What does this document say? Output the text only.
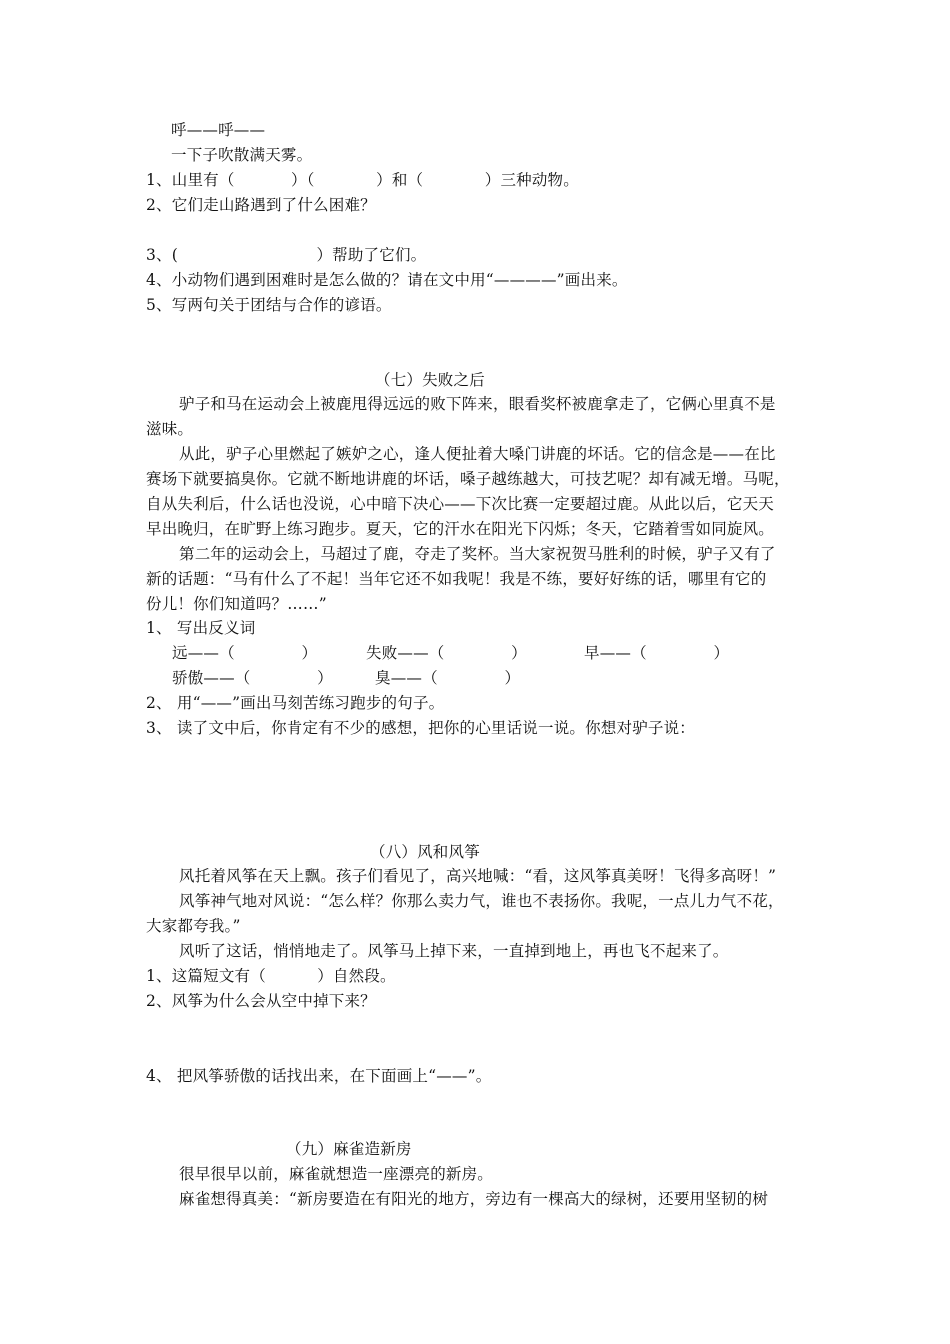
呼——呼——
一下子吹散满天雾。
1、山里有（           ）（            ）和（            ）三种动物。
2、它们走山路遇到了什么困难？
3、(                           ）帮助了它们。
4、小动物们遇到困难时是怎么做的？请在文中用“————”画出来。
5、写两句关于团结与合作的谚语。
（七）失败之后
驴子和马在运动会上被鹿甩得远远的败下阵来，眼看奖杯被鹿拿走了，它俩心里真不是
滋味。
从此，驴子心里燃起了嫉妒之心，逢人便扯着大嗓门讲鹿的坏话。它的信念是——在比
赛场下就要搞臭你。它就不断地讲鹿的坏话，嗓子越练越大，可技艺呢？却有减无增。马呢，
自从失利后，什么话也没说，心中暗下决心——下次比赛一定要超过鹿。从此以后，它天天
早出晚归，在旷野上练习跑步。夏天，它的汗水在阳光下闪烁；冬天，它踏着雪如同旋风。
第二年的运动会上，马超过了鹿，夺走了奖杯。当大家祝贺马胜利的时候，驴子又有了
新的话题：“马有什么了不起！当年它还不如我呢！我是不练，要好好练的话，哪里有它的
份儿！你们知道吗？……”
1、 写出反义词
远——（             ）	失败——（             ）	早——（             ）
骄傲——（             ）	臭——（             ）
2、 用“——”画出马刻苦练习跑步的句子。
3、 读了文中后，你肯定有不少的感想，把你的心里话说一说。你想对驴子说：
（八）风和风筝
风托着风筝在天上飘。孩子们看见了，高兴地喊：“看，这风筝真美呀！飞得多高呀！”
风筝神气地对风说：“怎么样？你那么卖力气，谁也不表扬你。我呢，一点儿力气不花，
大家都夸我。”
风听了这话，悄悄地走了。风筝马上掉下来，一直掉到地上，再也飞不起来了。
1、这篇短文有（          ）自然段。
2、风筝为什么会从空中掉下来？
4、 把风筝骄傲的话找出来，在下面画上“——”。
（九）麻雀造新房
很早很早以前，麻雀就想造一座漂亮的新房。
麻雀想得真美：“新房要造在有阳光的地方，旁边有一棵高大的绿树，还要用坚韧的树
